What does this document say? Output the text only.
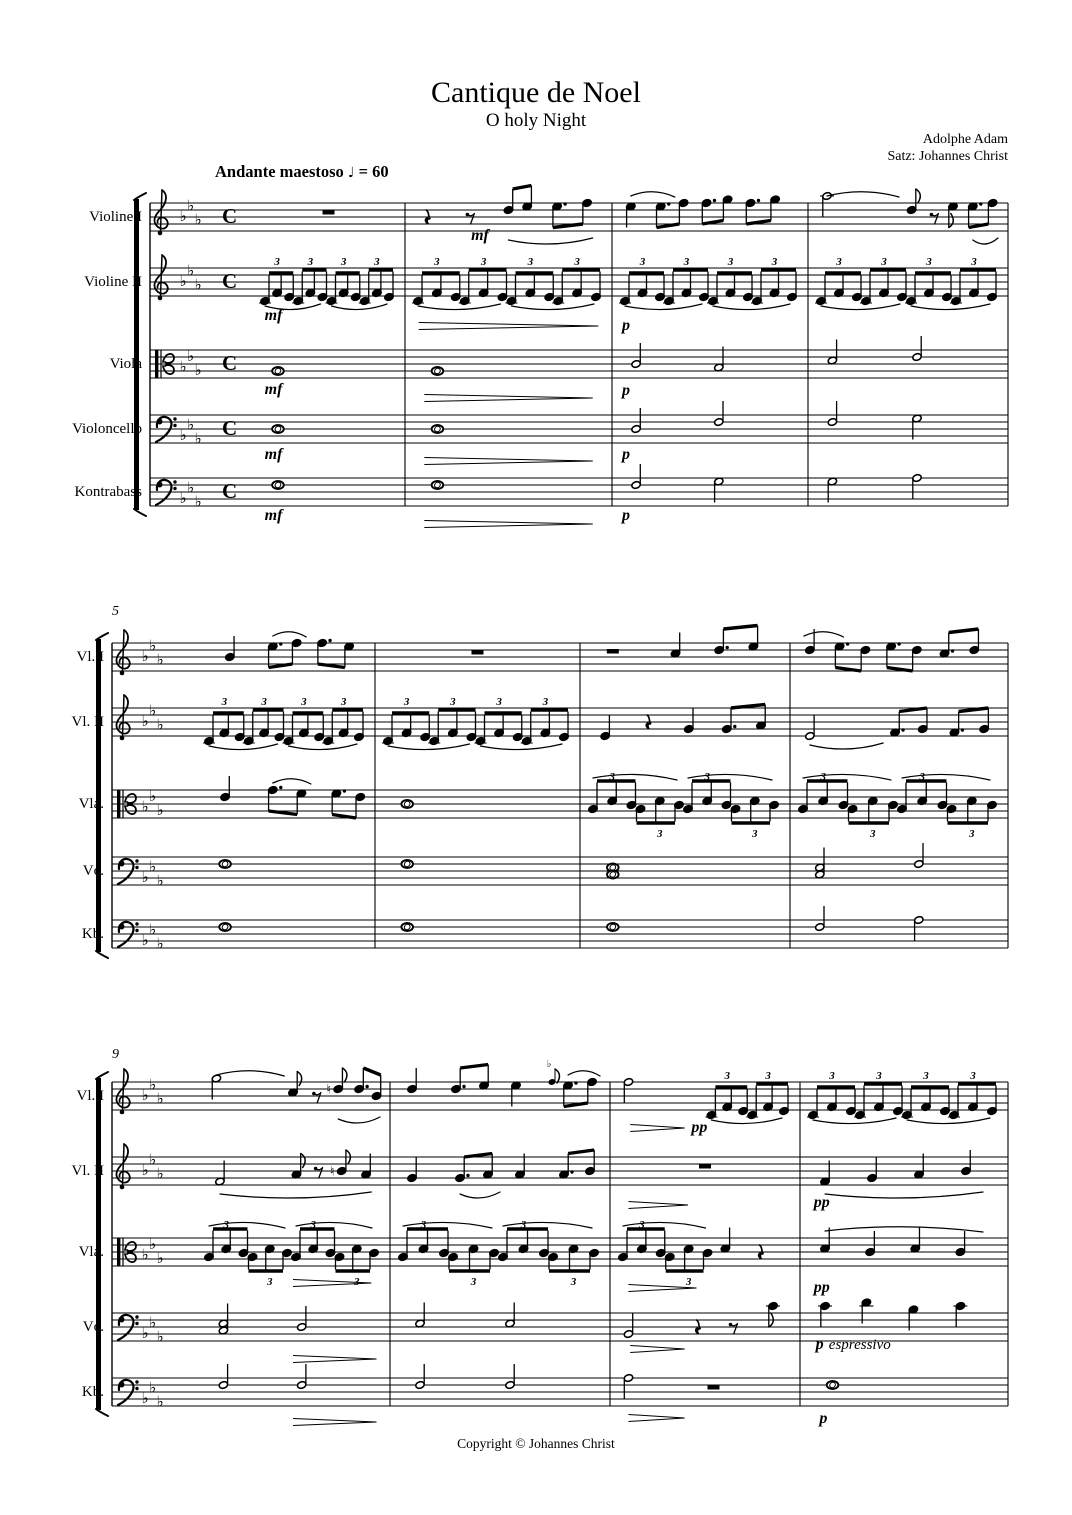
♭
♭
♭ C
mf
♭
♭
♭ C
3	3	3	3	3	3	3	3	3	3	3	3	3	3	3	3
mf
p
♭
♭
♭ C
mf	p
♭
♭
♭ C
mf	p
♭
♭
♭ C
mf	p
♭
♭
♭
♭
♭
♭
3	3	3	3	3	3	3	3
♭
♭
♭
3
3
3
3
3
3
3
3
♭
♭
♭
♭
♭
♭
♭
♭
♭	♮
♭
3	3	3	3	3	3
pp
♭
♭
♭	♮
pp
♭
♭
♭
3
3
3	3
3
3
3
3
3	pp
♭
♭
♭	p espressivo
♭
♭
♭
p
Cantique de Noel
O holy Night
Adolphe Adam
Satz: Johannes Christ
Andante maestoso ♩ = 60
5
9
Violine I
Violine II
Viola
Violoncello
Kontrabass
Vl. I
Vl. II
Vla.
Vc.
Kb.
Vl. I
Vl. II
Vla.
Vc.
Kb.
Copyright © Johannes Christ
